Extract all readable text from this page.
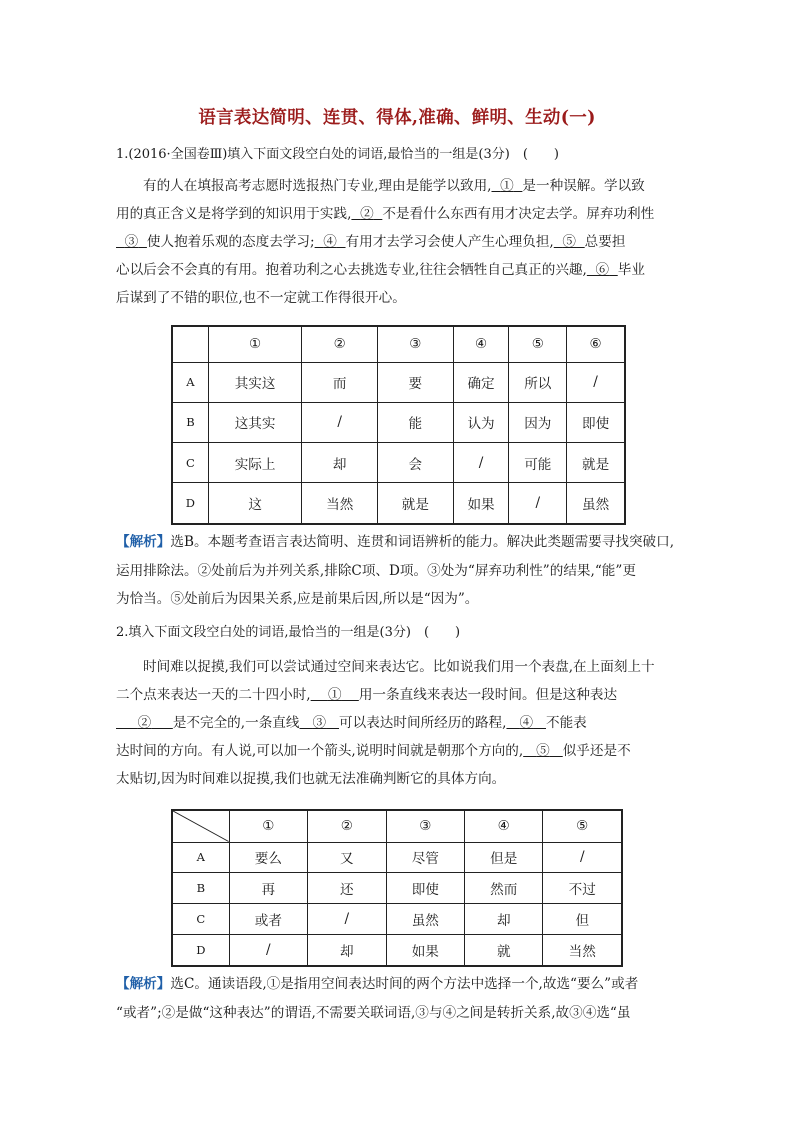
语言表达简明、连贯、得体,准确、鲜明、生动(一)

1.(2016·全国卷Ⅲ)填入下面文段空白处的词语,最恰当的一组是(3分)　(　　)

有的人在填报高考志愿时选报热门专业,理由是能学以致用, ① 是一种误解。学以致
用的真正含义是将学到的知识用于实践, ② 不是看什么东西有用才决定去学。屏弃功利性
③ 使人抱着乐观的态度去学习; ④ 有用才去学习会使人产生心理负担, ⑤ 总要担
心以后会不会真的有用。抱着功利之心去挑选专业,往往会牺牲自己真正的兴趣, ⑥ 毕业
后谋到了不错的职位,也不一定就工作得很开心。
	①	②	③	④	⑤	⑥
A	其实这	而	要	确定	所以	/
B	这其实	/	能	认为	因为	即使
C	实际上	却	会	/	可能	就是
D	这	当然	就是	如果	/	虽然
【解析】选B。本题考查语言表达简明、连贯和词语辨析的能力。解决此类题需要寻找突破口,
运用排除法。②处前后为并列关系,排除C项、D项。③处为“屏弃功利性”的结果,“能”更
为恰当。⑤处前后为因果关系,应是前果后因,所以是“因为”。

2.填入下面文段空白处的词语,最恰当的一组是(3分)　(　　)

时间难以捉摸,我们可以尝试通过空间来表达它。比如说我们用一个表盘,在上面刻上十
二个点来表达一天的二十四小时, ① 用一条直线来表达一段时间。但是这种表达
② 是不完全的,一条直线 ③ 可以表达时间所经历的路程, ④ 不能表
达时间的方向。有人说,可以加一个箭头,说明时间就是朝那个方向的, ⑤ 似乎还是不
太贴切,因为时间难以捉摸,我们也就无法准确判断它的具体方向。
	①	②	③	④	⑤
A	要么	又	尽管	但是	/
B	再	还	即使	然而	不过
C	或者	/	虽然	却	但
D	/	却	如果	就	当然
【解析】选C。通读语段,①是指用空间表达时间的两个方法中选择一个,故选“要么”或者
“或者”;②是做“这种表达”的谓语,不需要关联词语,③与④之间是转折关系,故③④选“虽
